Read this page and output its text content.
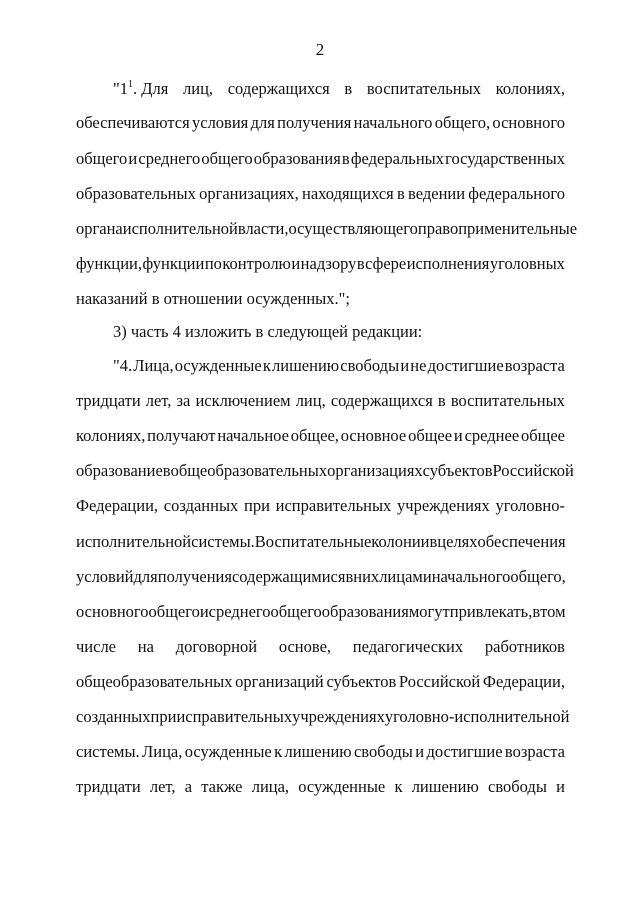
2
"$1^1$. Для лиц, содержащихся в воспитательных колониях,
обеспечиваются условия для получения начального общего, основного
общего и среднего общего образования в федеральных государственных
образовательных организациях, находящихся в ведении федерального
органа исполнительной власти, осуществляющего правоприменительные
функции, функции по контролю и надзору в сфере исполнения уголовных
наказаний в отношении осужденных.";
3) часть 4 изложить в следующей редакции:
"4. Лица, осужденные к лишению свободы и не достигшие возраста
тридцати лет, за исключением лиц, содержащихся в воспитательных
колониях, получают начальное общее, основное общее и среднее общее
образование в общеобразовательных организациях субъектов Российской
Федерации, созданных при исправительных учреждениях уголовно-
исполнительной системы. Воспитательные колонии в целях обеспечения
условий для получения содержащимися в них лицами начального общего,
основного общего и среднего общего образования могут привлекать, в том
числе на договорной основе, педагогических работников
общеобразовательных организаций субъектов Российской Федерации,
созданных при исправительных учреждениях уголовно-исполнительной
системы. Лица, осужденные к лишению свободы и достигшие возраста
тридцати лет, а также лица, осужденные к лишению свободы и
